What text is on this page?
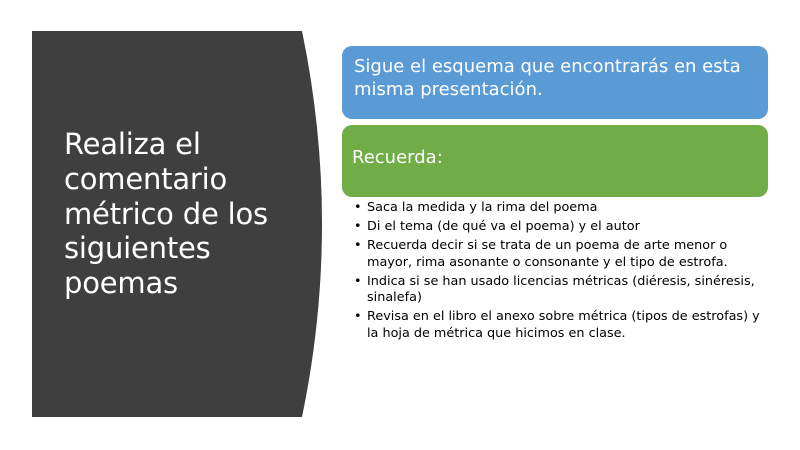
Realiza el comentario métrico de los siguientes poemas
Sigue el esquema que encontrarás en esta misma presentación.
Recuerda:
• Saca la medida y la rima del poema
• Di el tema (de qué va el poema) y el autor
• Recuerda decir si se trata de un poema de arte menor o mayor, rima asonante o consonante y el tipo de estrofa.
• Indica si se han usado licencias métricas (diéresis, sinéresis, sinalefa)
• Revisa en el libro el anexo sobre métrica (tipos de estrofas) y la hoja de métrica que hicimos en clase.
